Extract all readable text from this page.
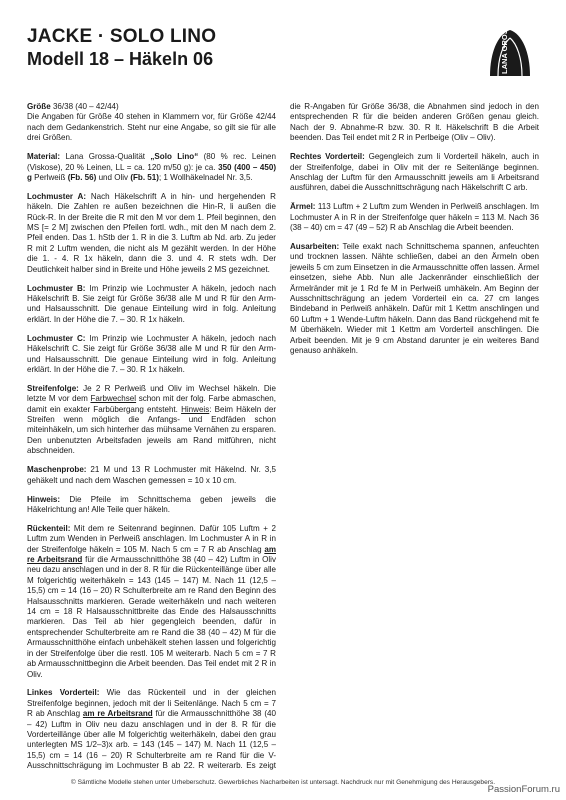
JACKE · SOLO LINO
Modell 18 – Häkeln 06	LANA GROSSA

Größe 36/38 (40 – 42/44)
Die Angaben für Größe 40 stehen in Klammern vor, für Größe 42/44 nach dem Gedankenstrich. Steht nur eine Angabe, so gilt sie für alle drei Größen.

Material: Lana Grossa-Qualität „Solo Lino“ (80 % rec. Leinen (Viskose), 20 % Leinen, LL = ca. 120 m/50 g): je ca. 350 (400 – 450) g Perlweiß (Fb. 56) und Oliv (Fb. 51); 1 Wollhäkelnadel Nr. 3,5.

Lochmuster A: Nach Häkelschrift A in hin- und hergehenden R häkeln. Die Zahlen re außen bezeichnen die Hin-R, li außen die Rück-R. In der Breite die R mit den M vor dem 1. Pfeil beginnen, den MS [= 2 M] zwischen den Pfeilen fortl. wdh., mit den M nach dem 2. Pfeil enden. Das 1. hStb der 1. R in die 3. Luftm ab Nd. arb. Zu jeder R mit 2 Luftm wenden, die nicht als M gezählt werden. In der Höhe die 1. - 4. R 1x häkeln, dann die 3. und 4. R stets wdh. Der Deutlichkeit halber sind in Breite und Höhe jeweils 2 MS gezeichnet.

Lochmuster B: Im Prinzip wie Lochmuster A häkeln, jedoch nach Häkelschrift B. Sie zeigt für Größe 36/38 alle M und R für den Arm- und Halsausschnitt. Die genaue Einteilung wird in folg. Anleitung erklärt. In der Höhe die 7. – 30. R 1x häkeln.

Lochmuster C: Im Prinzip wie Lochmuster A häkeln, jedoch nach Häkelschrift C. Sie zeigt für Größe 36/38 alle M und R für den Arm- und Halsausschnitt. Die genaue Einteilung wird in folg. Anleitung erklärt. In der Höhe die 7. – 30. R 1x häkeln.

Streifenfolge: Je 2 R Perlweiß und Oliv im Wechsel häkeln. Die letzte M vor dem Farbwechsel schon mit der folg. Farbe abmaschen, damit ein exakter Farbübergang entsteht. Hinweis: Beim Häkeln der Streifen wenn möglich die Anfangs- und Endfäden schon miteinhäkeln, um sich hinterher das mühsame Vernähen zu ersparen. Den unbenutzten Arbeitsfaden jeweils am Rand mitführen, nicht abschneiden.

Maschenprobe: 21 M und 13 R Lochmuster mit Häkelnd. Nr. 3,5 gehäkelt und nach dem Waschen gemessen = 10 x 10 cm.

Hinweis: Die Pfeile im Schnittschema geben jeweils die Häkelrichtung an! Alle Teile quer häkeln.

Rückenteil: Mit dem re Seitenrand beginnen. Dafür 105 Luftm + 2 Luftm zum Wenden in Perlweiß anschlagen. Im Lochmuster A in R in der Streifenfolge häkeln = 105 M. Nach 5 cm = 7 R ab Anschlag am re Arbeitsrand für die Armausschnitthöhe 38 (40 – 42) Luftm in Oliv neu dazu anschlagen und in der 8. R für die Rückenteillänge über alle M folgerichtig weiterhäkeln = 143 (145 – 147) M. Nach 11 (12,5 – 15,5) cm = 14 (16 – 20) R Schulterbreite am re Rand den Beginn des Halsausschnitts markieren. Gerade weiterhäkeln und nach weiteren 14 cm = 18 R Halsausschnittbreite das Ende des Halsausschnitts markieren. Das Teil ab hier gegengleich beenden, dafür in entsprechender Schulterbreite am re Rand die 38 (40 – 42) M für die Armausschnitthöhe einfach unbehäkelt stehen lassen und folgerichtig in der Streifenfolge über die restl. 105 M weiterarb. Nach 5 cm = 7 R ab Armausschnittbeginn die Arbeit beenden. Das Teil endet mit 2 R in Oliv.

Linkes Vorderteil: Wie das Rückenteil und in der gleichen Streifenfolge beginnen, jedoch mit der li Seitenlänge. Nach 5 cm = 7 R ab Anschlag am re Arbeitsrand für die Armausschnitthöhe 38 (40 – 42) Luftm in Oliv neu dazu anschlagen und in der 8. R für die Vorderteillänge über alle M folgerichtig weiterhäkeln, dabei den grau unterlegten MS 1/2–3)x arb. = 143 (145 – 147) M. Nach 11 (12,5 – 15,5) cm = 14 (16 – 20) R Schulterbreite am re Rand für die V-Ausschnittschrägung im Lochmuster B ab 22. R weiterarb. Es zeigt die R-Angaben für Größe 36/38, die Abnahmen sind jedoch in den entsprechenden R für die beiden anderen Größen genau gleich. Nach der 9. Abnahme-R bzw. 30. R lt. Häkelschrift B die Arbeit beenden. Das Teil endet mit 2 R in Perlbeige (Oliv – Oliv).

Rechtes Vorderteil: Gegengleich zum li Vorderteil häkeln, auch in der Streifenfolge, dabei in Oliv mit der re Seitenlänge beginnen. Anschlag der Luftm für den Armausschnitt jeweils am li Arbeitsrand ausführen, dabei die Ausschnittschrägung nach Häkelschrift C arb.

Ärmel: 113 Luftm + 2 Luftm zum Wenden in Perlweiß anschlagen. Im Lochmuster A in R in der Streifenfolge quer häkeln = 113 M. Nach 36 (38 – 40) cm = 47 (49 – 52) R ab Anschlag die Arbeit beenden.

Ausarbeiten: Teile exakt nach Schnittschema spannen, anfeuchten und trocknen lassen. Nähte schließen, dabei an den Ärmeln oben jeweils 5 cm zum Einsetzen in die Armausschnitte offen lassen. Ärmel einsetzen, siehe Abb. Nun alle Jackenränder einschließlich der Ärmelränder mit je 1 Rd fe M in Perlweiß umhäkeln. Am Beginn der Ausschnittschrägung an jedem Vorderteil ein ca. 27 cm langes Bindeband in Perlweiß anhäkeln. Dafür mit 1 Kettm anschlingen und 60 Luftm + 1 Wende-Luftm häkeln. Dann das Band rückgehend mit fe M überhäkeln. Wieder mit 1 Kettm am Vorderteil anschlingen. Die Arbeit beenden. Mit je 9 cm Abstand darunter je ein weiteres Band genauso anhäkeln.

© Sämtliche Modelle stehen unter Urheberschutz. Gewerbliches Nacharbeiten ist untersagt. Nachdruck nur mit Genehmigung des Herausgebers.
PassionForum.ru
